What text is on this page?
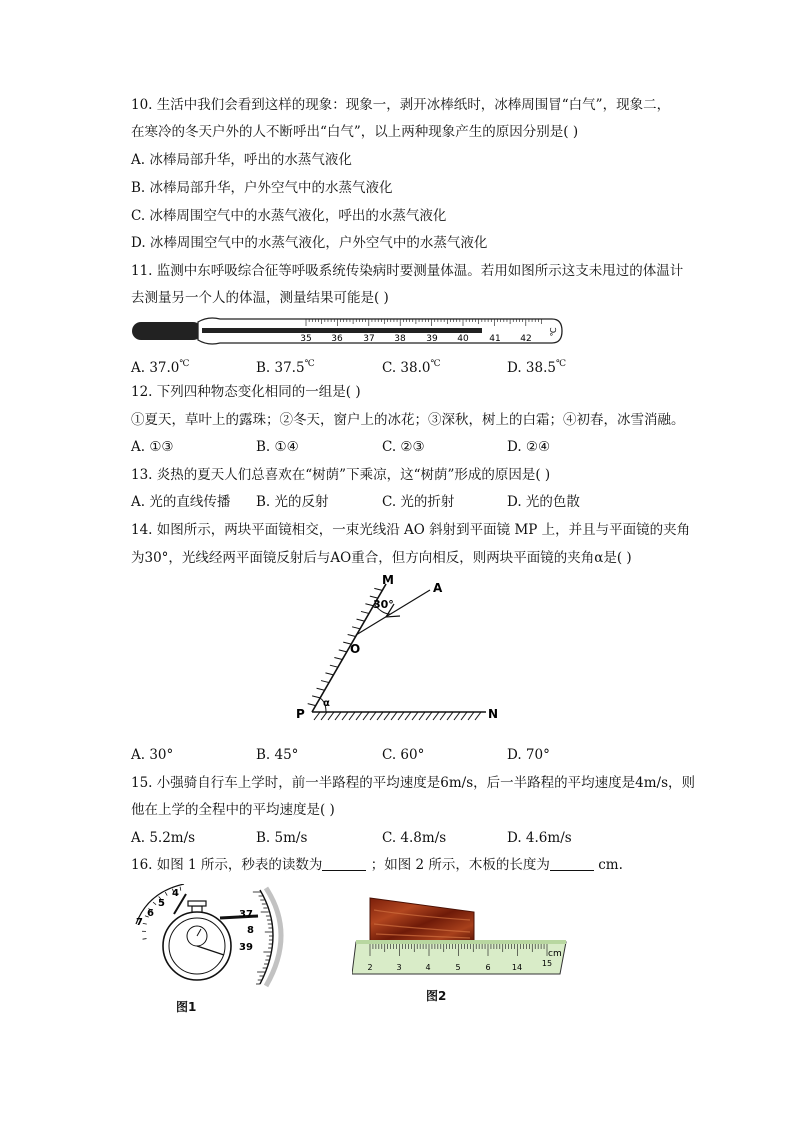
10. 生活中我们会看到这样的现象：现象一，剥开冰棒纸时，冰棒周围冒“白气”，现象二，
在寒冷的冬天户外的人不断呼出“白气”，以上两种现象产生的原因分别是( )
A. 冰棒局部升华，呼出的水蒸气液化
B. 冰棒局部升华，户外空气中的水蒸气液化
C. 冰棒周围空气中的水蒸气液化，呼出的水蒸气液化
D. 冰棒周围空气中的水蒸气液化，户外空气中的水蒸气液化
11. 监测中东呼吸综合征等呼吸系统传染病时要测量体温。若用如图所示这支未甩过的体温计
去测量另一个人的体温，测量结果可能是( )
35 36 37 38 39 40 41 42
℃
A. 37.0℃	B. 37.5℃	C. 38.0℃	D. 38.5℃
12. 下列四种物态变化相同的一组是( )
①夏天，草叶上的露珠；②冬天，窗户上的冰花；③深秋，树上的白霜；④初春，冰雪消融。
A. ①③	B. ①④	C. ②③	D. ②④
13. 炎热的夏天人们总喜欢在“树荫”下乘凉，这“树荫”形成的原因是( )
A. 光的直线传播 B. 光的反射	C. 光的折射	D. 光的色散
14. 如图所示，两块平面镜相交，一束光线沿 AO 斜射到平面镜 MP 上，并且与平面镜的夹角
为30°，光线经两平面镜反射后与AO重合，但方向相反，则两块平面镜的夹角α是( )
M
A
30°
O
α
P	N
A. 30°	B. 45°	C. 60°	D. 70°
15. 小强骑自行车上学时，前一半路程的平均速度是6m/s，后一半路程的平均速度是4m/s，则
他在上学的全程中的平均速度是( )
A. 5.2m/s	B. 5m/s	C. 4.8m/s	D. 4.6m/s
16. 如图 1 所示，秒表的读数为	；如图 2 所示，木板的长度为	cm.
4
5
6
7
37
8
39
图1
2	3	4	5	6	14 15
cm
图2
